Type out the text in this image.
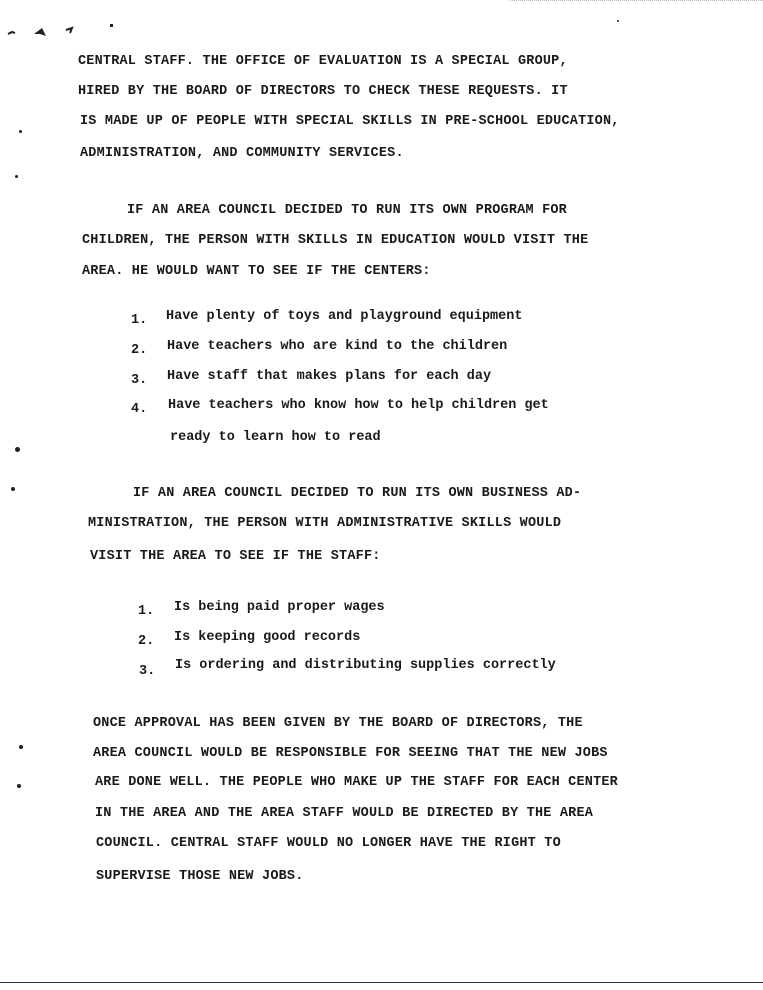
CENTRAL STAFF. THE OFFICE OF EVALUATION IS A SPECIAL GROUP,
HIRED BY THE BOARD OF DIRECTORS TO CHECK THESE REQUESTS. IT
IS MADE UP OF PEOPLE WITH SPECIAL SKILLS IN PRE-SCHOOL EDUCATION,
ADMINISTRATION, AND COMMUNITY SERVICES.
IF AN AREA COUNCIL DECIDED TO RUN ITS OWN PROGRAM FOR
CHILDREN, THE PERSON WITH SKILLS IN EDUCATION WOULD VISIT THE
AREA. HE WOULD WANT TO SEE IF THE CENTERS:
1. Have plenty of toys and playground equipment
2. Have teachers who are kind to the children
3. Have staff that makes plans for each day
4. Have teachers who know how to help children get
ready to learn how to read
IF AN AREA COUNCIL DECIDED TO RUN ITS OWN BUSINESS AD-
MINISTRATION, THE PERSON WITH ADMINISTRATIVE SKILLS WOULD
VISIT THE AREA TO SEE IF THE STAFF:
1. Is being paid proper wages
2. Is keeping good records
3. Is ordering and distributing supplies correctly
ONCE APPROVAL HAS BEEN GIVEN BY THE BOARD OF DIRECTORS, THE
AREA COUNCIL WOULD BE RESPONSIBLE FOR SEEING THAT THE NEW JOBS
ARE DONE WELL. THE PEOPLE WHO MAKE UP THE STAFF FOR EACH CENTER
IN THE AREA AND THE AREA STAFF WOULD BE DIRECTED BY THE AREA
COUNCIL. CENTRAL STAFF WOULD NO LONGER HAVE THE RIGHT TO
SUPERVISE THOSE NEW JOBS.
